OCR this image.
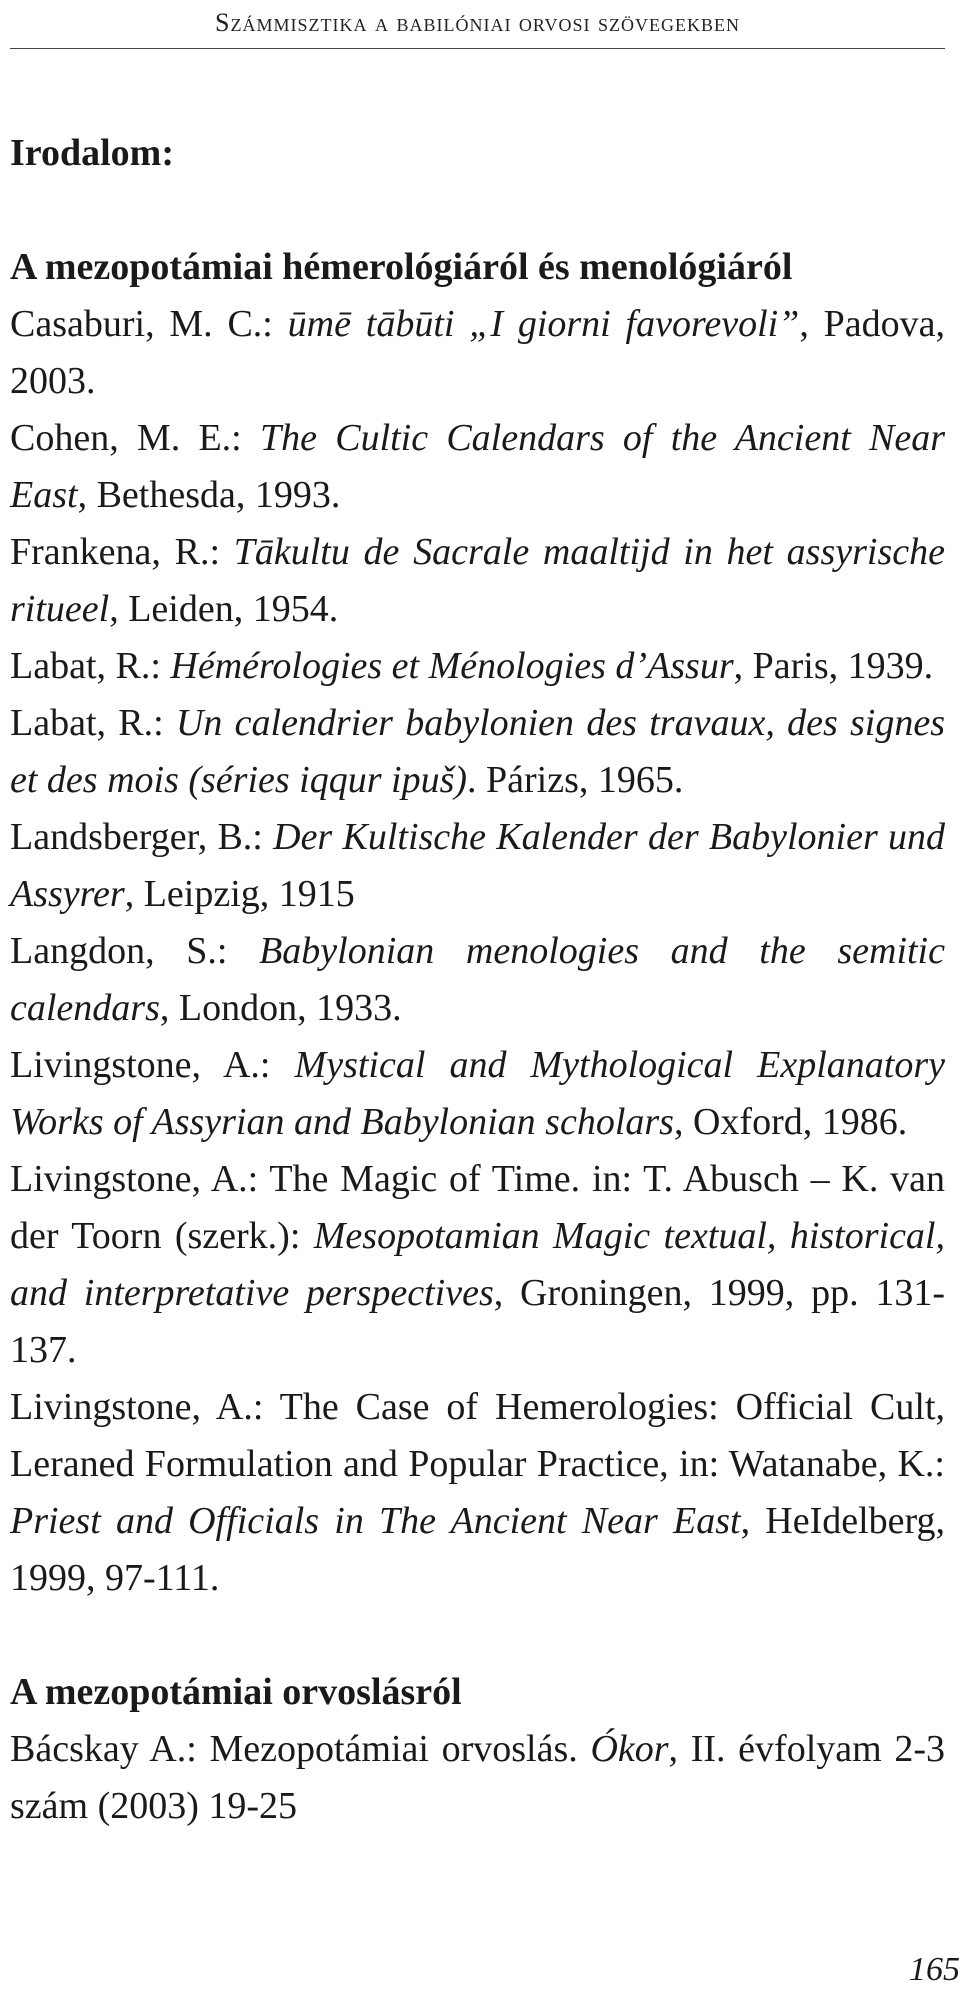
Számmisztika a babilóniai orvosi szövegekben
Irodalom:
A mezopotámiai hémerológiáról és menológiáról
Casaburi, M. C.: ūmē tābūti „I giorni favorevoli”, Padova, 2003.
Cohen, M. E.: The Cultic Calendars of the Ancient Near East, Bethesda, 1993.
Frankena, R.: Tākultu de Sacrale maaltijd in het assyrische ritueel, Leiden, 1954.
Labat, R.: Hémérologies et Ménologies d’Assur, Paris, 1939.
Labat, R.: Un calendrier babylonien des travaux, des signes et des mois (séries iqqur ipuš). Párizs, 1965.
Landsberger, B.: Der Kultische Kalender der Babylonier und Assyrer, Leipzig, 1915
Langdon, S.: Babylonian menologies and the semitic calendars, London, 1933.
Livingstone, A.: Mystical and Mythological Explanatory Works of Assyrian and Babylonian scholars, Oxford, 1986.
Livingstone, A.: The Magic of Time. in: T. Abusch – K. van der Toorn (szerk.): Mesopotamian Magic textual, historical, and interpretative perspectives, Groningen, 1999, pp. 131-137.
Livingstone, A.: The Case of Hemerologies: Official Cult, Leraned Formulation and Popular Practice, in: Watanabe, K.: Priest and Officials in The Ancient Near East, HeIdelberg, 1999, 97-111.
A mezopotámiai orvoslásról
Bácskay A.: Mezopotámiai orvoslás. Ókor, II. évfolyam 2-3 szám (2003) 19-25
165
